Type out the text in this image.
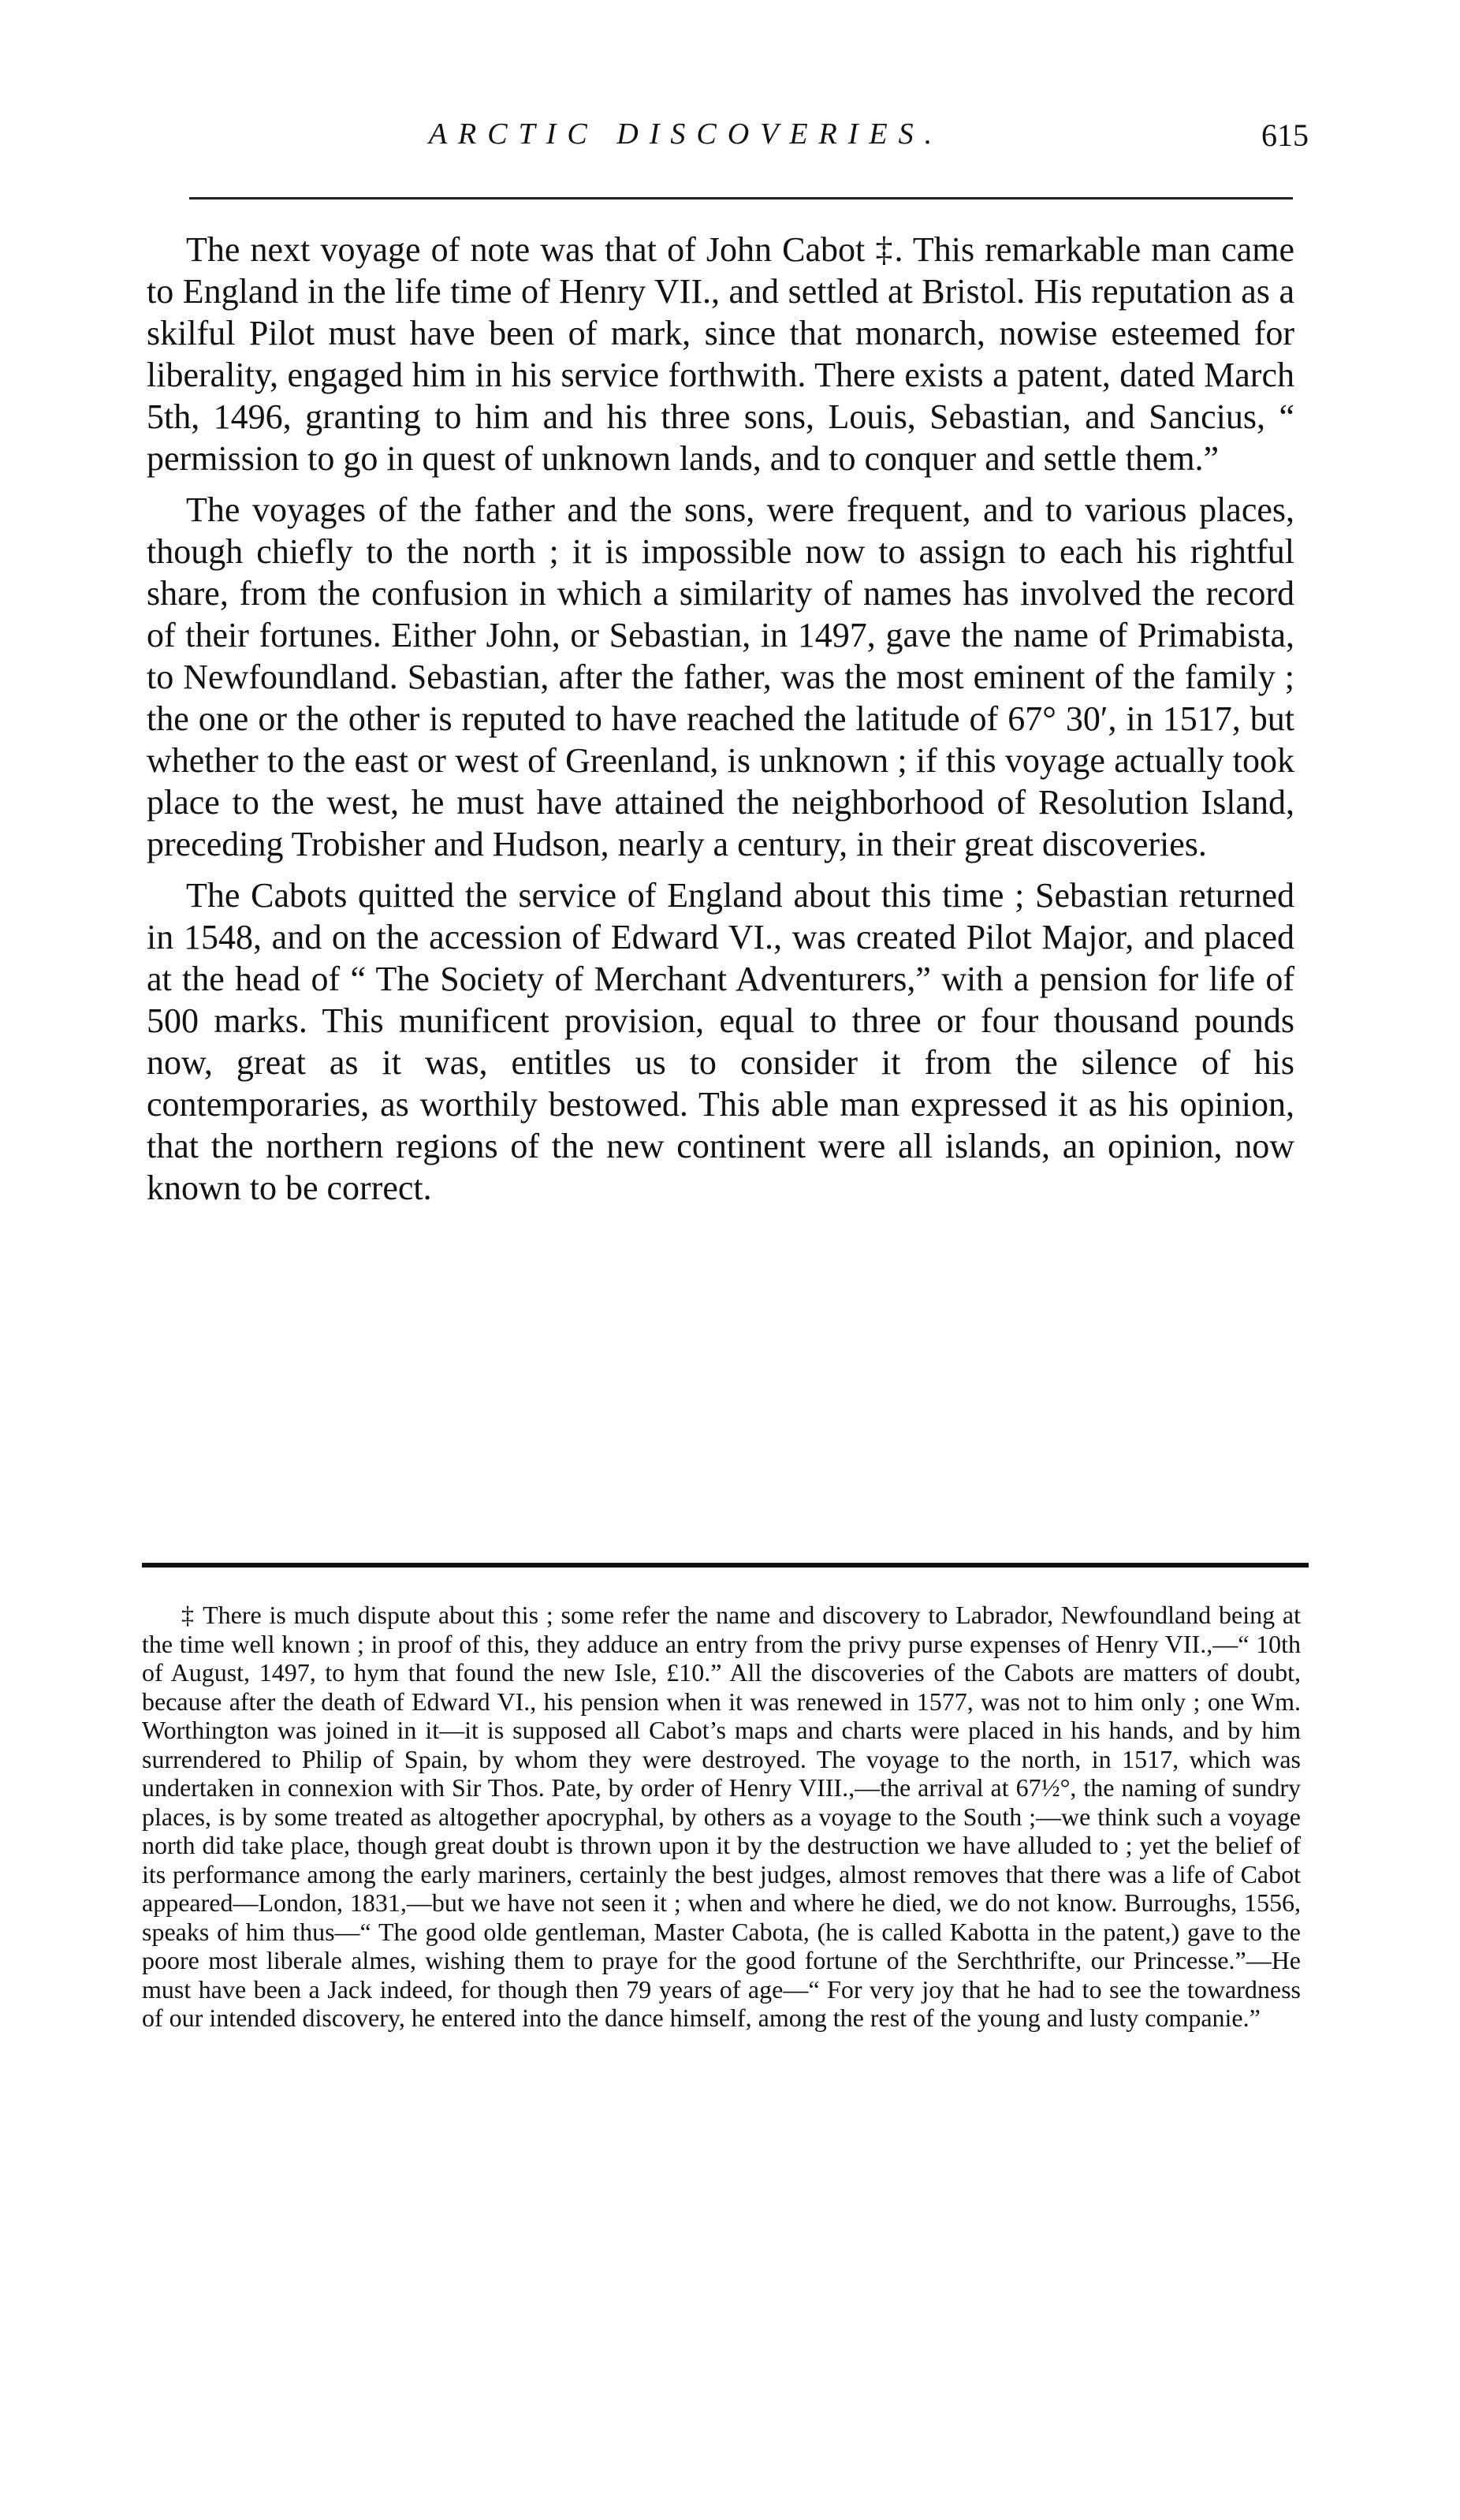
ARCTIC DISCOVERIES.	615

The next voyage of note was that of John Cabot ‡. This remarkable man came to England in the life time of Henry VII., and settled at Bristol. His reputation as a skilful Pilot must have been of mark, since that monarch, nowise esteemed for liberality, engaged him in his service forthwith. There exists a patent, dated March 5th, 1496, granting to him and his three sons, Louis, Sebastian, and Sancius, “ permission to go in quest of unknown lands, and to conquer and settle them.”

The voyages of the father and the sons, were frequent, and to various places, though chiefly to the north ; it is impossible now to assign to each his rightful share, from the confusion in which a similarity of names has involved the record of their fortunes. Either John, or Sebastian, in 1497, gave the name of Primabista, to Newfoundland. Sebastian, after the father, was the most eminent of the family ; the one or the other is reputed to have reached the latitude of 67° 30′, in 1517, but whether to the east or west of Greenland, is unknown ; if this voyage actually took place to the west, he must have attained the neighborhood of Resolution Island, preceding Trobisher and Hudson, nearly a century, in their great discoveries.

The Cabots quitted the service of England about this time ; Sebastian returned in 1548, and on the accession of Edward VI., was created Pilot Major, and placed at the head of “ The Society of Merchant Adventurers,” with a pension for life of 500 marks. This munificent provision, equal to three or four thousand pounds now, great as it was, entitles us to consider it from the silence of his contemporaries, as worthily bestowed. This able man expressed it as his opinion, that the northern regions of the new continent were all islands, an opinion, now known to be correct.

‡ There is much dispute about this ; some refer the name and discovery to Labrador, Newfoundland being at the time well known ; in proof of this, they adduce an entry from the privy purse expenses of Henry VII.,—“ 10th of August, 1497, to hym that found the new Isle, £10.” All the discoveries of the Cabots are matters of doubt, because after the death of Edward VI., his pension when it was renewed in 1577, was not to him only ; one Wm. Worthington was joined in it—it is supposed all Cabot’s maps and charts were placed in his hands, and by him surrendered to Philip of Spain, by whom they were destroyed. The voyage to the north, in 1517, which was undertaken in connexion with Sir Thos. Pate, by order of Henry VIII.,—the arrival at 67½°, the naming of sundry places, is by some treated as altogether apocryphal, by others as a voyage to the South ;—we think such a voyage north did take place, though great doubt is thrown upon it by the destruction we have alluded to ; yet the belief of its performance among the early mariners, certainly the best judges, almost removes that there was a life of Cabot appeared—London, 1831,—but we have not seen it ; when and where he died, we do not know. Burroughs, 1556, speaks of him thus—“ The good olde gentleman, Master Cabota, (he is called Kabotta in the patent,) gave to the poore most liberale almes, wishing them to praye for the good fortune of the Serchthrifte, our Princesse.”—He must have been a Jack indeed, for though then 79 years of age—“ For very joy that he had to see the towardness of our intended discovery, he entered into the dance himself, among the rest of the young and lusty companie.”
